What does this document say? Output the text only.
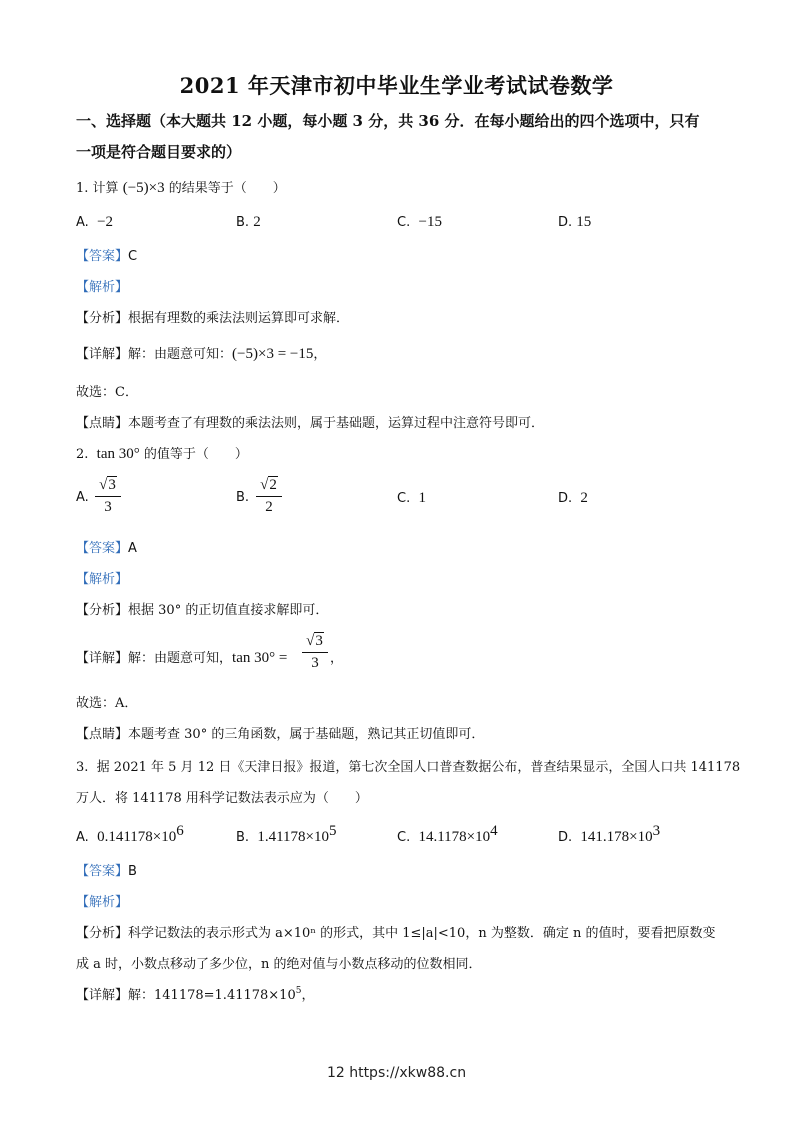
2021 年天津市初中毕业生学业考试试卷数学
一、选择题（本大题共 12 小题，每小题 3 分，共 36 分．在每小题给出的四个选项中，只有
一项是符合题目要求的）
1. 计算 (−5)×3 的结果等于（　　）
A. −2	B. 2	C. −15	D. 15
【答案】C
【解析】
【分析】根据有理数的乘法法则运算即可求解．
【详解】解：由题意可知：(−5)×3 = −15，
故选：C．
【点睛】本题考查了有理数的乘法法则，属于基础题，运算过程中注意符号即可．
2. tan 30° 的值等于（　　）
A.
√3
3
B.
√2
2
C. 1	D. 2
【答案】A
【解析】
【分析】根据 30° 的正切值直接求解即可．
【详解】解：由题意可知，tan 30° =
√3
3 ，
故选：A．
【点睛】本题考查 30° 的三角函数，属于基础题，熟记其正切值即可．
3. 据 2021 年 5 月 12 日《天津日报》报道，第七次全国人口普查数据公布，普查结果显示，全国人口共 141178
万人．将 141178 用科学记数法表示应为（　　）
A. $0.141178\times 10^6$	B. $1.41178\times 10^5$	C. $14.1178\times 10^4$	D. $141.178\times 10^3$
【答案】B
【解析】
【分析】科学记数法的表示形式为 a×10ⁿ 的形式，其中 1≤|a|<10，n 为整数．确定 n 的值时，要看把原数变
成 a 时，小数点移动了多少位，n 的绝对值与小数点移动的位数相同．
【详解】解：$141178=1.41178\times 10^5$，
12 https://xkw88.cn
